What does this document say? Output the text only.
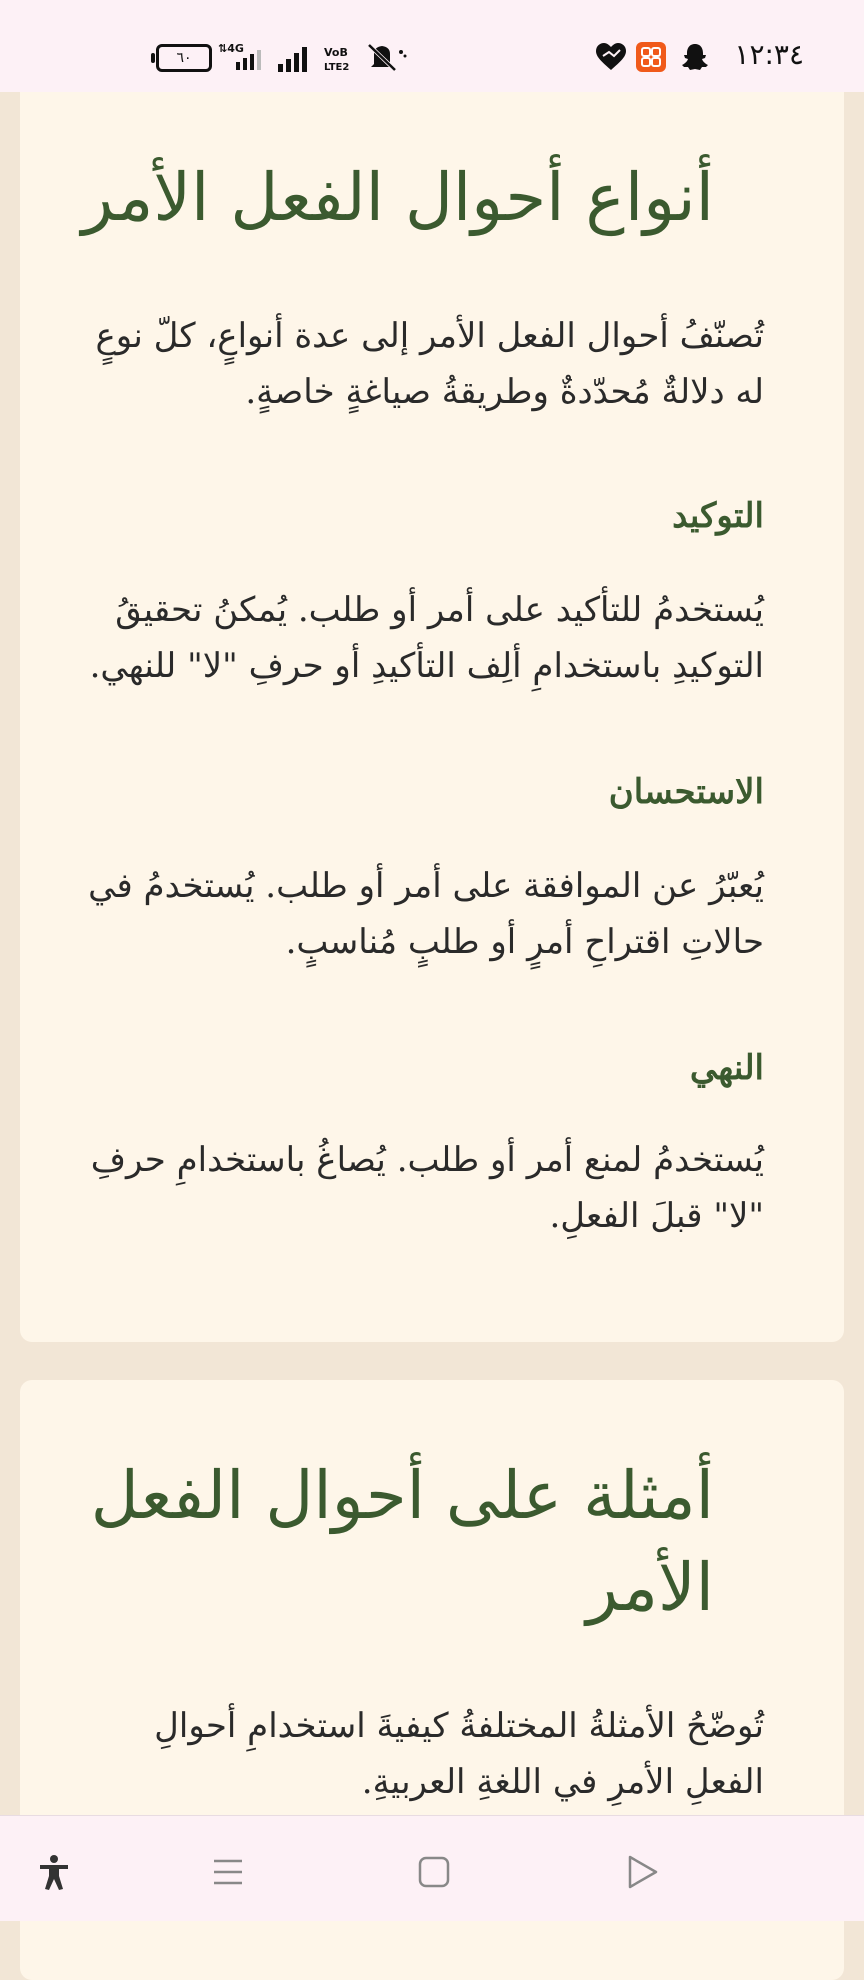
٦٠
⇅4G	VoB
LTE2	١٢:٣٤
أنواع أحوال الفعل الأمر

تُصنّفُ أحوال الفعل الأمر إلى عدة أنواعٍ، كلّ نوعٍ له دلالةٌ مُحدّدةٌ وطريقةُ صياغةٍ خاصةٍ.

التوكيد

يُستخدمُ للتأكيد على أمر أو طلب. يُمكنُ تحقيقُ التوكيدِ باستخدامِ ألِف التأكيدِ أو حرفِ "لا" للنهي.

الاستحسان

يُعبّرُ عن الموافقة على أمر أو طلب. يُستخدمُ في حالاتِ اقتراحِ أمرٍ أو طلبٍ مُناسبٍ.

النهي

يُستخدمُ لمنع أمر أو طلب. يُصاغُ باستخدامِ حرفِ "لا" قبلَ الفعلِ.

أمثلة على أحوال الفعل الأمر

تُوضّحُ الأمثلةُ المختلفةُ كيفيةَ استخدامِ أحوالِ الفعلِ الأمرِ في اللغةِ العربيةِ.
